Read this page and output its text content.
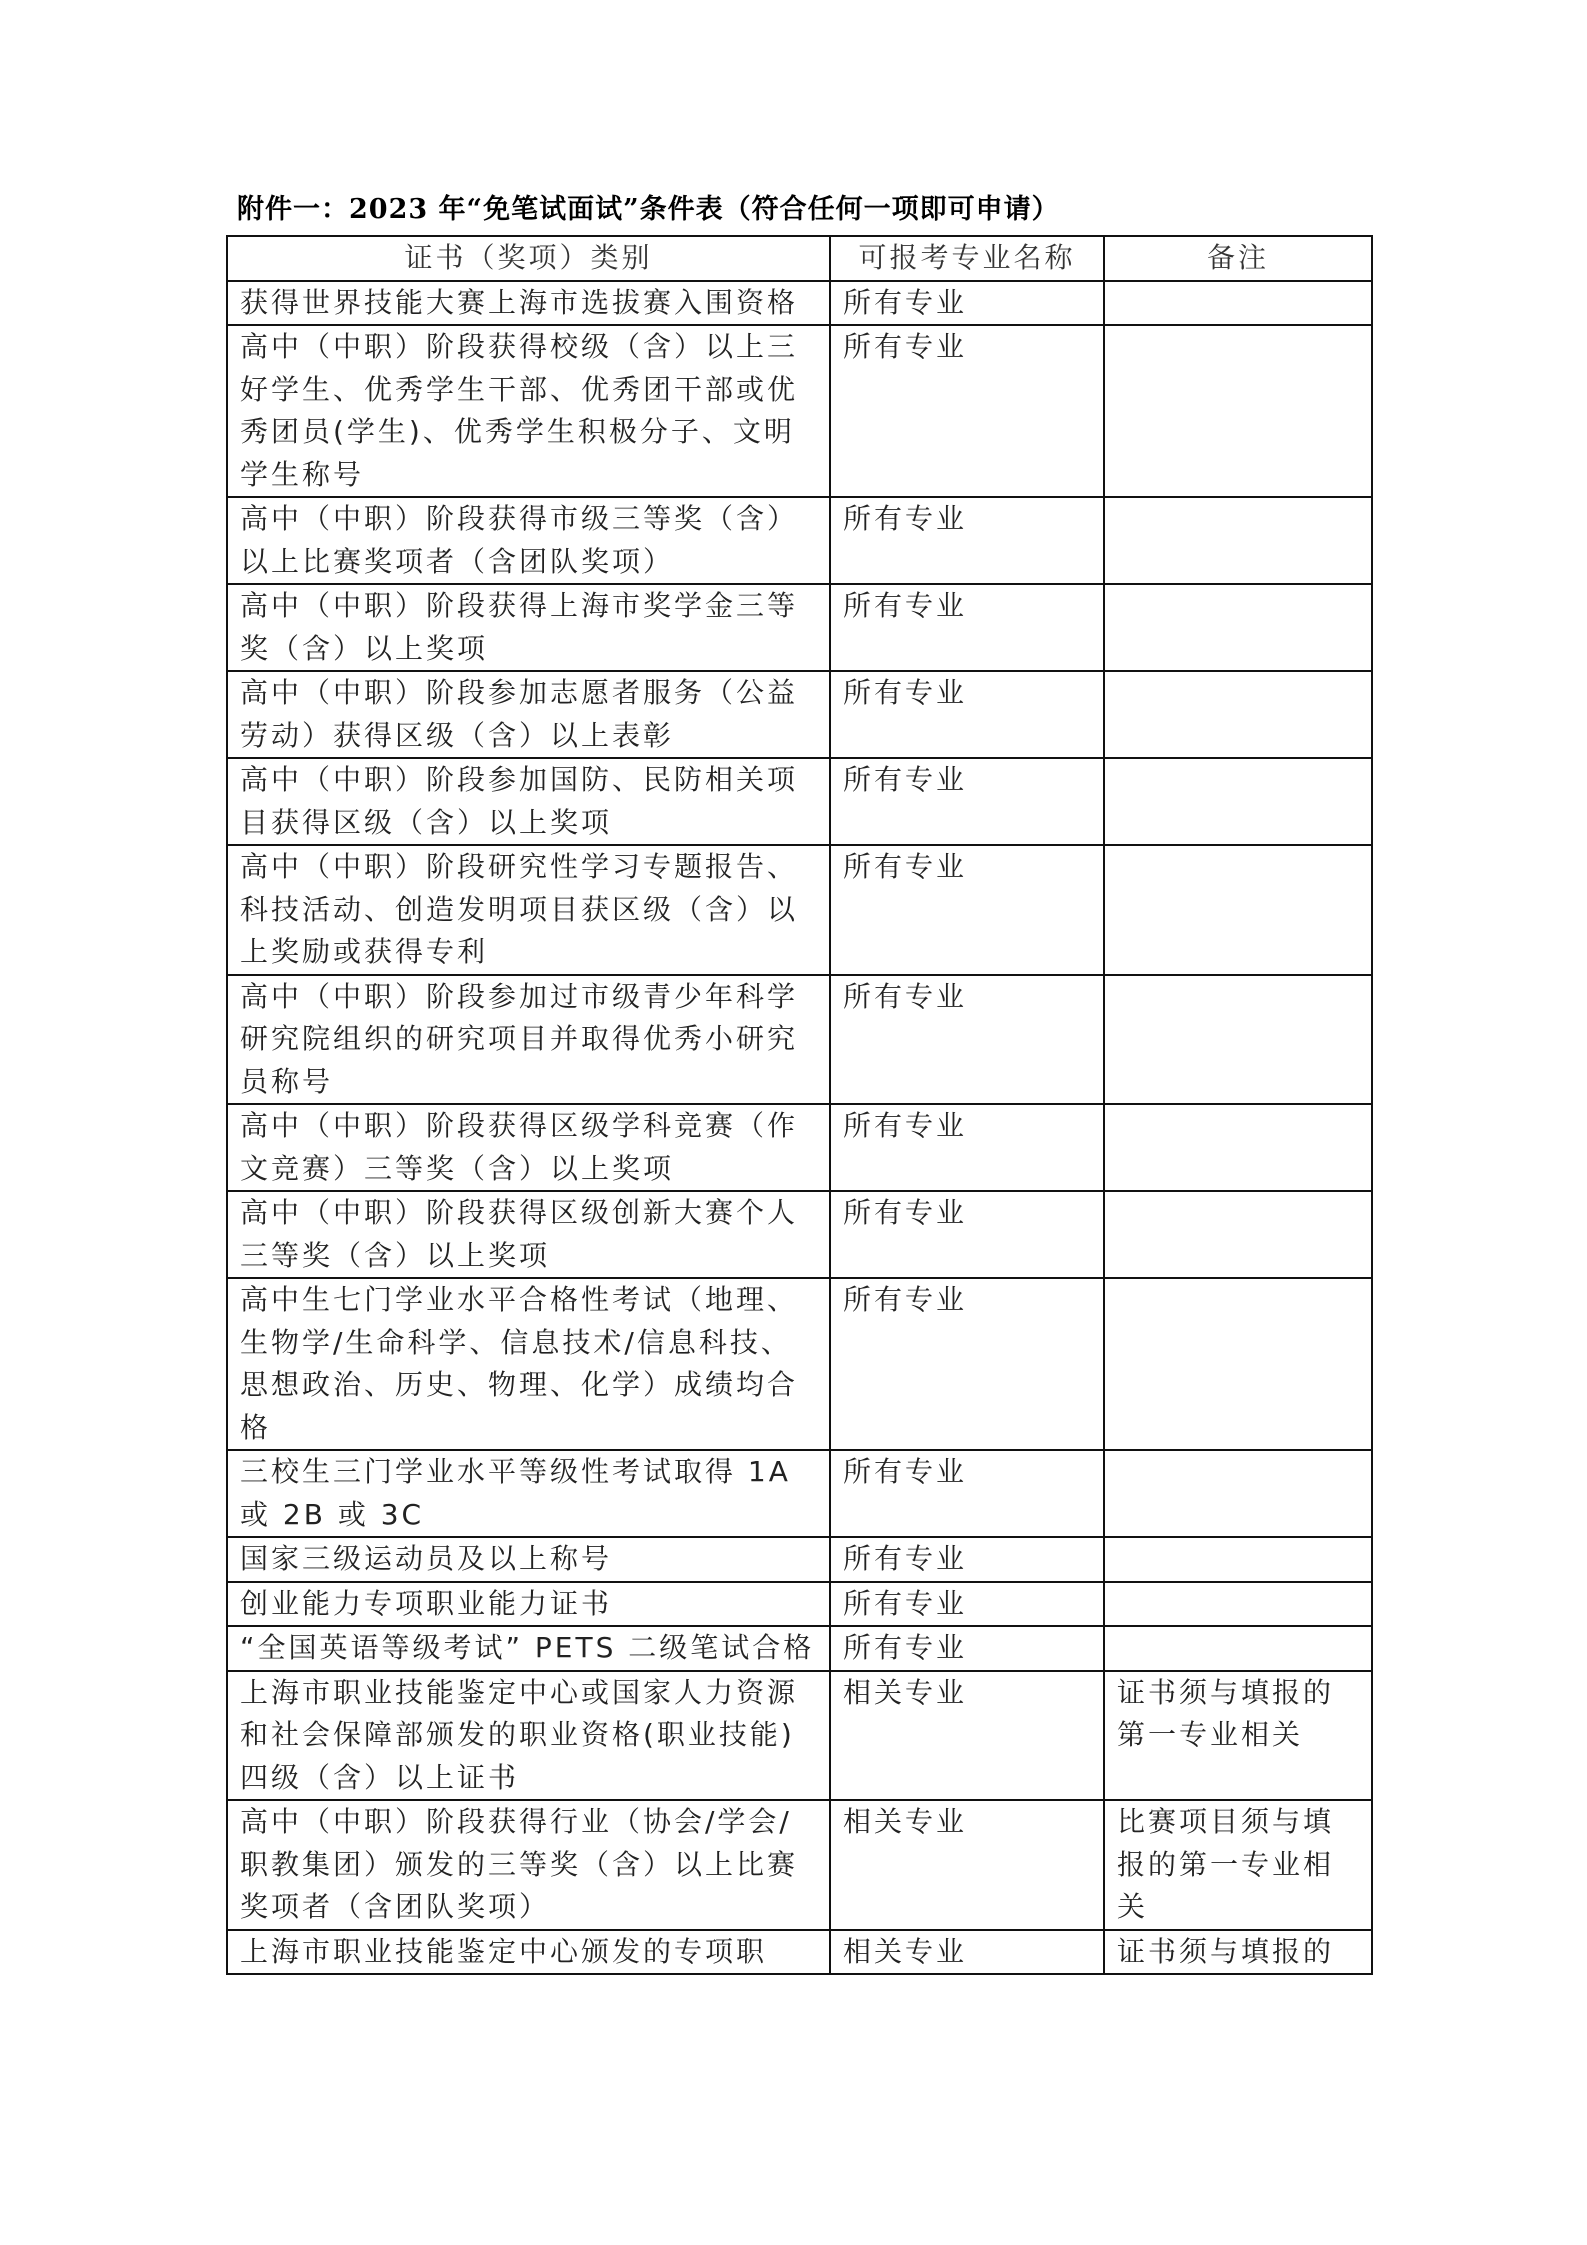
附件一：2023 年“免笔试面试”条件表（符合任何一项即可申请）
证书（奖项）类别	可报考专业名称	备注
获得世界技能大赛上海市选拔赛入围资格	所有专业	
高中（中职）阶段获得校级（含）以上三好学生、优秀学生干部、优秀团干部或优秀团员(学生)、优秀学生积极分子、文明学生称号	所有专业	
高中（中职）阶段获得市级三等奖（含）以上比赛奖项者（含团队奖项）	所有专业	
高中（中职）阶段获得上海市奖学金三等奖（含）以上奖项	所有专业	
高中（中职）阶段参加志愿者服务（公益劳动）获得区级（含）以上表彰	所有专业	
高中（中职）阶段参加国防、民防相关项目获得区级（含）以上奖项	所有专业	
高中（中职）阶段研究性学习专题报告、科技活动、创造发明项目获区级（含）以上奖励或获得专利	所有专业	
高中（中职）阶段参加过市级青少年科学研究院组织的研究项目并取得优秀小研究员称号	所有专业	
高中（中职）阶段获得区级学科竞赛（作文竞赛）三等奖（含）以上奖项	所有专业	
高中（中职）阶段获得区级创新大赛个人三等奖（含）以上奖项	所有专业	
高中生七门学业水平合格性考试（地理、生物学/生命科学、信息技术/信息科技、思想政治、历史、物理、化学）成绩均合格	所有专业	
三校生三门学业水平等级性考试取得 1A 或 2B 或 3C	所有专业	
国家三级运动员及以上称号	所有专业	
创业能力专项职业能力证书	所有专业	
“全国英语等级考试” PETS 二级笔试合格	所有专业	
上海市职业技能鉴定中心或国家人力资源和社会保障部颁发的职业资格(职业技能)四级（含）以上证书	相关专业	证书须与填报的第一专业相关
高中（中职）阶段获得行业（协会/学会/职教集团）颁发的三等奖（含）以上比赛奖项者（含团队奖项）	相关专业	比赛项目须与填报的第一专业相关
上海市职业技能鉴定中心颁发的专项职	相关专业	证书须与填报的
